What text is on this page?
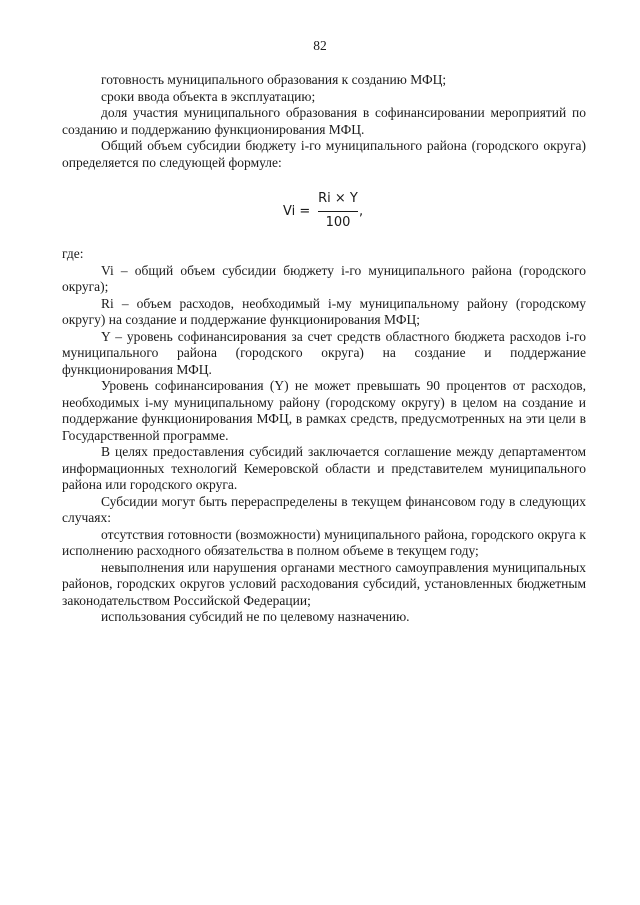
82

готовность муниципального образования к созданию МФЦ;

сроки ввода объекта в эксплуатацию;

доля участия муниципального образования в софинансировании мероприятий по созданию и поддержанию функционирования МФЦ.

Общий объем субсидии бюджету i-го муниципального района (городского округа) определяется по следующей формуле:

Vi =
Ri × Y
100
,

где:

Vi – общий объем субсидии бюджету i-го муниципального района (городского округа);

Ri – объем расходов, необходимый i-му муниципальному району (городскому округу) на создание и поддержание функционирования МФЦ;

Y – уровень софинансирования за счет средств областного бюджета расходов i-го муниципального района (городского округа) на создание и поддержание функционирования МФЦ.

Уровень софинансирования (Y) не может превышать 90 процентов от расходов, необходимых i-му муниципальному району (городскому округу) в целом на создание и поддержание функционирования МФЦ, в рамках средств, предусмотренных на эти цели в Государственной программе.

В целях предоставления субсидий заключается соглашение между департаментом информационных технологий Кемеровской области и представителем муниципального района или городского округа.

Субсидии могут быть перераспределены в текущем финансовом году в следующих случаях:

отсутствия готовности (возможности) муниципального района, городского округа к исполнению расходного обязательства в полном объеме в текущем году;

невыполнения или нарушения органами местного самоуправления муниципальных районов, городских округов условий расходования субсидий, установленных бюджетным законодательством Российской Федерации;

использования субсидий не по целевому назначению.
